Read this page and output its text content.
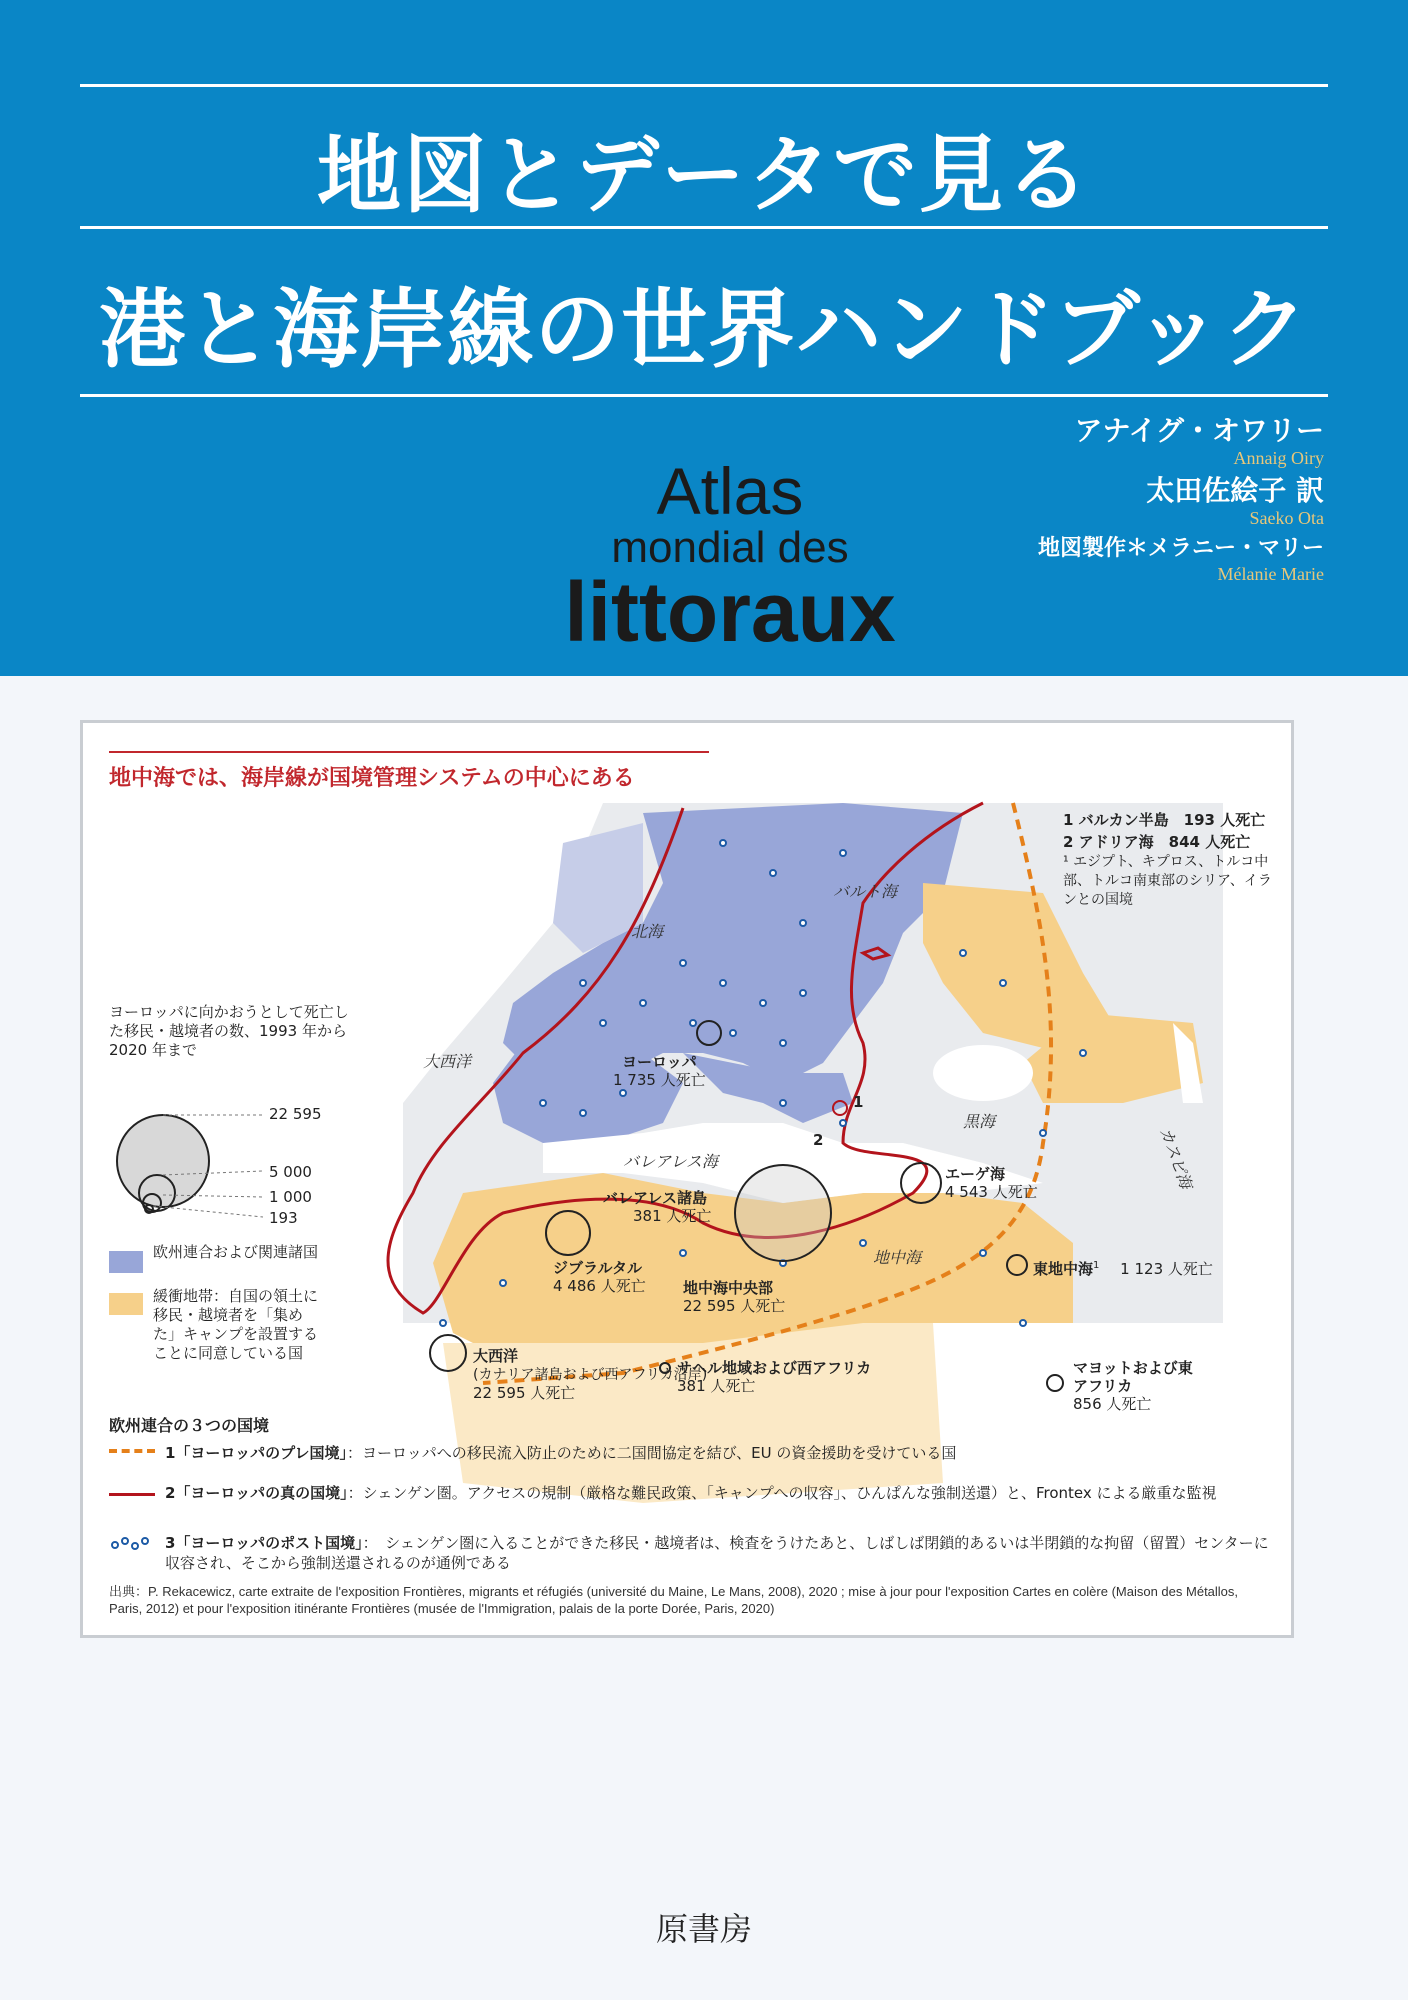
地図とデータで見る
港と海岸線の世界ハンドブック
Atlas
mondial des
littoraux
アナイグ・オワリー
Annaig Oiry
太田佐絵子 訳
Saeko Ota
地図製作＊メラニー・マリー
Mélanie Marie
地中海では、海岸線が国境管理システムの中心にある
1 バルカン半島　193 人死亡
2 アドリア海　844 人死亡
¹ エジプト、キプロス、トルコ中部、トルコ南東部のシリア、イランとの国境
バルト海
北海
大西洋
黒海
カスピ海
バレアレス海
地中海
ヨーロッパ
1 735 人死亡
バレアレス諸島
381 人死亡
エーゲ海
4 543 人死亡
東地中海$^1$ 1 123 人死亡
ジブラルタル
4 486 人死亡 地中海中央部
22 595 人死亡
大西洋
(カナリア諸島および西アフリカ沿岸)
22 595 人死亡
サヘル地域および西アフリカ
381 人死亡
マヨットおよび東アフリカ
856 人死亡
1
2
ヨーロッパに向かおうとして死亡した移民・越境者の数、1993 年から 2020 年まで
22 595
5 000
1 000
193
欧州連合および関連諸国
緩衝地帯：自国の領土に移民・越境者を「集めた」キャンプを設置することに同意している国
欧州連合の３つの国境
1「ヨーロッパのプレ国境」：ヨーロッパへの移民流入防止のために二国間協定を結び、EU の資金援助を受けている国
2「ヨーロッパの真の国境」：シェンゲン圏。アクセスの規制（厳格な難民政策、「キャンプへの収容」、ひんぱんな強制送還）と、Frontex による厳重な監視
3「ヨーロッパのポスト国境」：　シェンゲン圏に入ることができた移民・越境者は、検査をうけたあと、しばしば閉鎖的あるいは半閉鎖的な拘留（留置）センターに収容され、そこから強制送還されるのが通例である
出典：P. Rekacewicz, carte extraite de l'exposition Frontières, migrants et réfugiés (université du Maine, Le Mans, 2008), 2020 ; mise à jour pour l'exposition Cartes en colère (Maison des Métallos, Paris, 2012) et pour l'exposition itinérante Frontières (musée de l'Immigration, palais de la porte Dorée, Paris, 2020)
原書房
